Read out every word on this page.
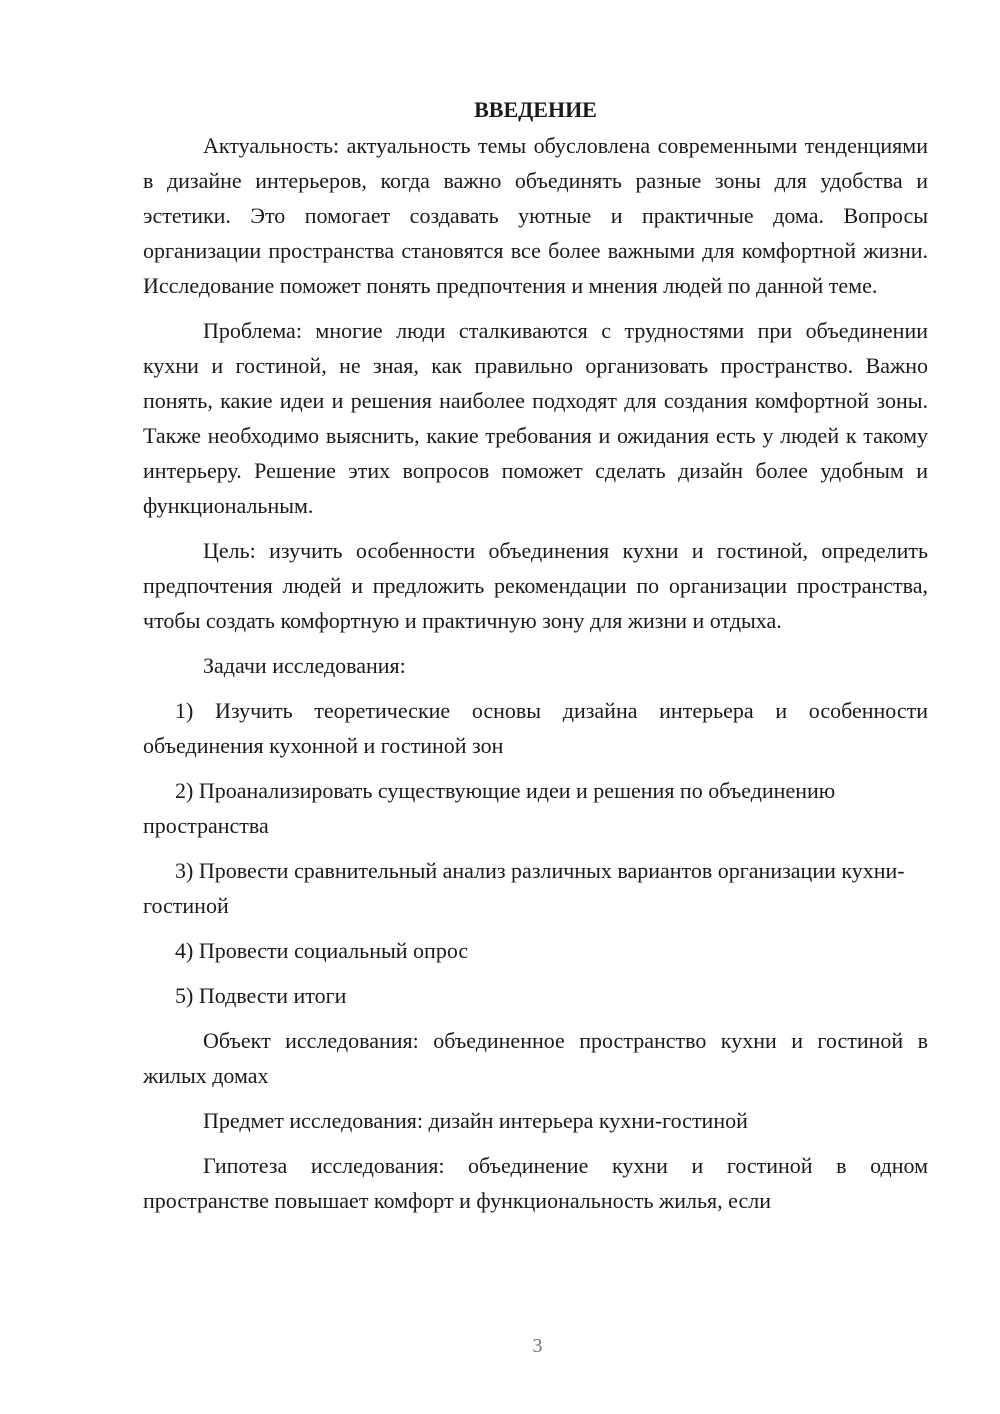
ВВЕДЕНИЕ

Актуальность: актуальность темы обусловлена современными тенденциями в дизайне интерьеров, когда важно объединять разные зоны для удобства и эстетики. Это помогает создавать уютные и практичные дома. Вопросы организации пространства становятся все более важными для комфортной жизни. Исследование поможет понять предпочтения и мнения людей по данной теме.

Проблема: многие люди сталкиваются с трудностями при объединении кухни и гостиной, не зная, как правильно организовать пространство. Важно понять, какие идеи и решения наиболее подходят для создания комфортной зоны. Также необходимо выяснить, какие требования и ожидания есть у людей к такому интерьеру. Решение этих вопросов поможет сделать дизайн более удобным и функциональным.

Цель: изучить особенности объединения кухни и гостиной, определить предпочтения людей и предложить рекомендации по организации пространства, чтобы создать комфортную и практичную зону для жизни и отдыха.

Задачи исследования:

1) Изучить теоретические основы дизайна интерьера и особенности объединения кухонной и гостиной зон

2) Проанализировать существующие идеи и решения по объединению пространства

3) Провести сравнительный анализ различных вариантов организации кухни-гостиной

4) Провести социальный опрос

5) Подвести итоги

Объект исследования: объединенное пространство кухни и гостиной в жилых домах

Предмет исследования: дизайн интерьера кухни-гостиной

Гипотеза исследования: объединение кухни и гостиной в одном пространстве повышает комфорт и функциональность жилья, если

3
